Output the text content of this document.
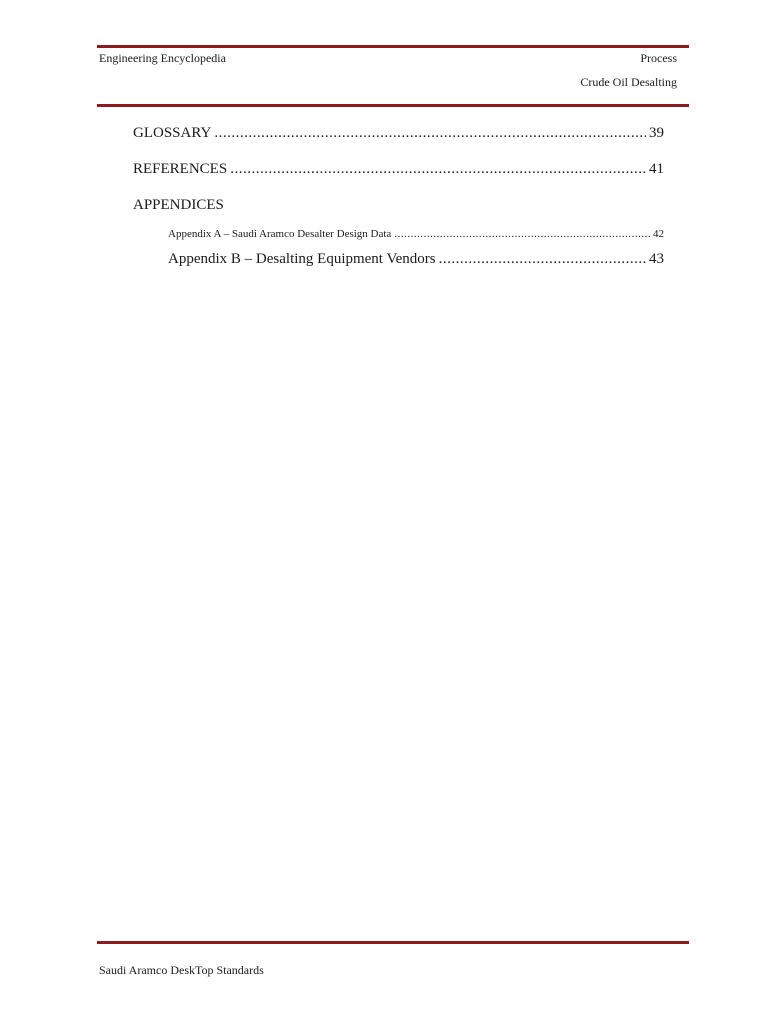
Engineering Encyclopedia	Process
Crude Oil Desalting
GLOSSARY .....	39
REFERENCES .....	41
APPENDICES
Appendix A – Saudi Aramco Desalter Design Data .....	42
Appendix B – Desalting Equipment Vendors .....	43
Saudi Aramco DeskTop Standards
